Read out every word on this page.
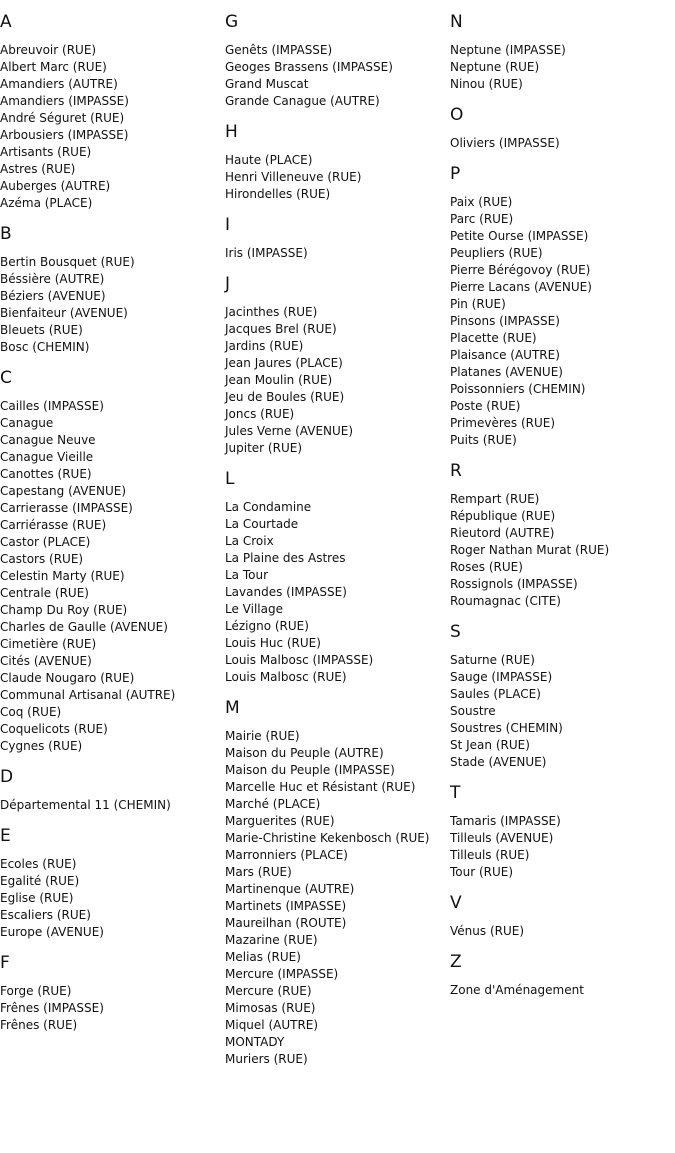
A
Abreuvoir (RUE)
Albert Marc (RUE)
Amandiers (AUTRE)
Amandiers (IMPASSE)
André Séguret (RUE)
Arbousiers (IMPASSE)
Artisants (RUE)
Astres (RUE)
Auberges (AUTRE)
Azéma (PLACE)
B
Bertin Bousquet (RUE)
Béssière (AUTRE)
Béziers (AVENUE)
Bienfaiteur (AVENUE)
Bleuets (RUE)
Bosc (CHEMIN)
C
Cailles (IMPASSE)
Canague
Canague Neuve
Canague Vieille
Canottes (RUE)
Capestang (AVENUE)
Carrierasse (IMPASSE)
Carriérasse (RUE)
Castor (PLACE)
Castors (RUE)
Celestin Marty (RUE)
Centrale (RUE)
Champ Du Roy (RUE)
Charles de Gaulle (AVENUE)
Cimetière (RUE)
Cités (AVENUE)
Claude Nougaro (RUE)
Communal Artisanal (AUTRE)
Coq (RUE)
Coquelicots (RUE)
Cygnes (RUE)
D
Départemental 11 (CHEMIN)
E
Ecoles (RUE)
Egalité (RUE)
Eglise (RUE)
Escaliers (RUE)
Europe (AVENUE)
F
Forge (RUE)
Frênes (IMPASSE)
Frênes (RUE)
G
Genêts (IMPASSE)
Geoges Brassens (IMPASSE)
Grand Muscat
Grande Canague (AUTRE)
H
Haute (PLACE)
Henri Villeneuve (RUE)
Hirondelles (RUE)
I
Iris (IMPASSE)
J
Jacinthes (RUE)
Jacques Brel (RUE)
Jardins (RUE)
Jean Jaures (PLACE)
Jean Moulin (RUE)
Jeu de Boules (RUE)
Joncs (RUE)
Jules Verne (AVENUE)
Jupiter (RUE)
L
La Condamine
La Courtade
La Croix
La Plaine des Astres
La Tour
Lavandes (IMPASSE)
Le Village
Lézigno (RUE)
Louis Huc (RUE)
Louis Malbosc (IMPASSE)
Louis Malbosc (RUE)
M
Mairie (RUE)
Maison du Peuple (AUTRE)
Maison du Peuple (IMPASSE)
Marcelle Huc et Résistant (RUE)
Marché (PLACE)
Marguerites (RUE)
Marie-Christine Kekenbosch (RUE)
Marronniers (PLACE)
Mars (RUE)
Martinenque (AUTRE)
Martinets (IMPASSE)
Maureilhan (ROUTE)
Mazarine (RUE)
Melias (RUE)
Mercure (IMPASSE)
Mercure (RUE)
Mimosas (RUE)
Miquel (AUTRE)
MONTADY
Muriers (RUE)
N
Neptune (IMPASSE)
Neptune (RUE)
Ninou (RUE)
O
Oliviers (IMPASSE)
P
Paix (RUE)
Parc (RUE)
Petite Ourse (IMPASSE)
Peupliers (RUE)
Pierre Bérégovoy (RUE)
Pierre Lacans (AVENUE)
Pin (RUE)
Pinsons (IMPASSE)
Placette (RUE)
Plaisance (AUTRE)
Platanes (AVENUE)
Poissonniers (CHEMIN)
Poste (RUE)
Primevères (RUE)
Puits (RUE)
R
Rempart (RUE)
République (RUE)
Rieutord (AUTRE)
Roger Nathan Murat (RUE)
Roses (RUE)
Rossignols (IMPASSE)
Roumagnac (CITE)
S
Saturne (RUE)
Sauge (IMPASSE)
Saules (PLACE)
Soustre
Soustres (CHEMIN)
St Jean (RUE)
Stade (AVENUE)
T
Tamaris (IMPASSE)
Tilleuls (AVENUE)
Tilleuls (RUE)
Tour (RUE)
V
Vénus (RUE)
Z
Zone d'Aménagement
